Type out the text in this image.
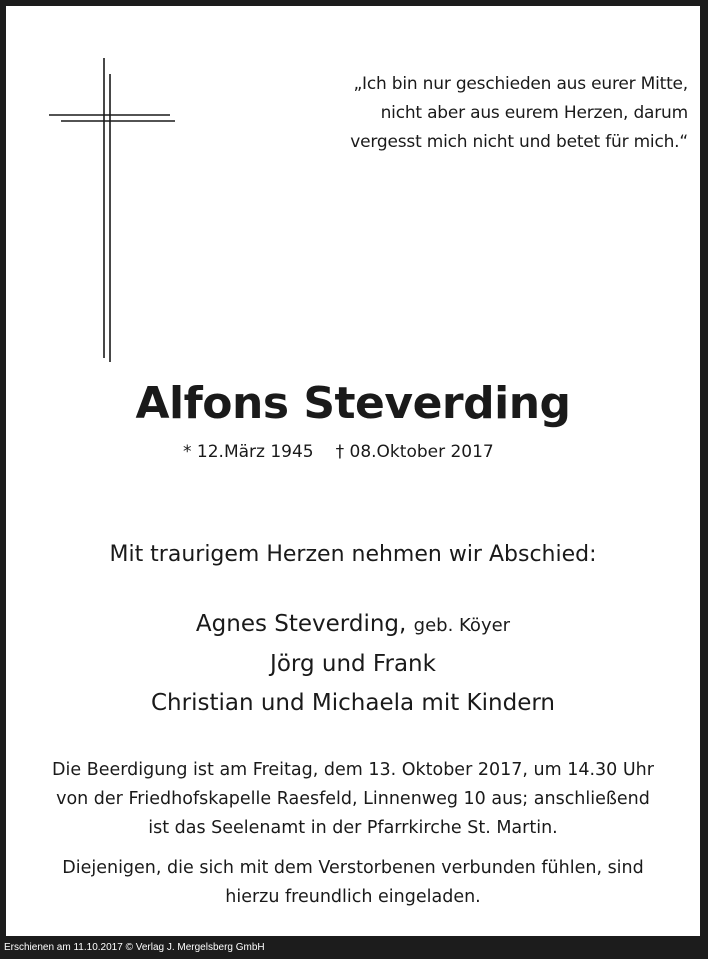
„Ich bin nur geschieden aus eurer Mitte,
nicht aber aus eurem Herzen, darum
vergesst mich nicht und betet für mich.“
Alfons Steverding
* 12.März 1945 † 08.Oktober 2017
Mit traurigem Herzen nehmen wir Abschied:
Agnes Steverding, geb. Köyer
Jörg und Frank
Christian und Michaela mit Kindern
Die Beerdigung ist am Freitag, dem 13. Oktober 2017, um 14.30 Uhr
von der Friedhofskapelle Raesfeld, Linnenweg 10 aus; anschließend
ist das Seelenamt in der Pfarrkirche St. Martin.
Diejenigen, die sich mit dem Verstorbenen verbunden fühlen, sind
hierzu freundlich eingeladen.
Erschienen am 11.10.2017 © Verlag J. Mergelsberg GmbH
